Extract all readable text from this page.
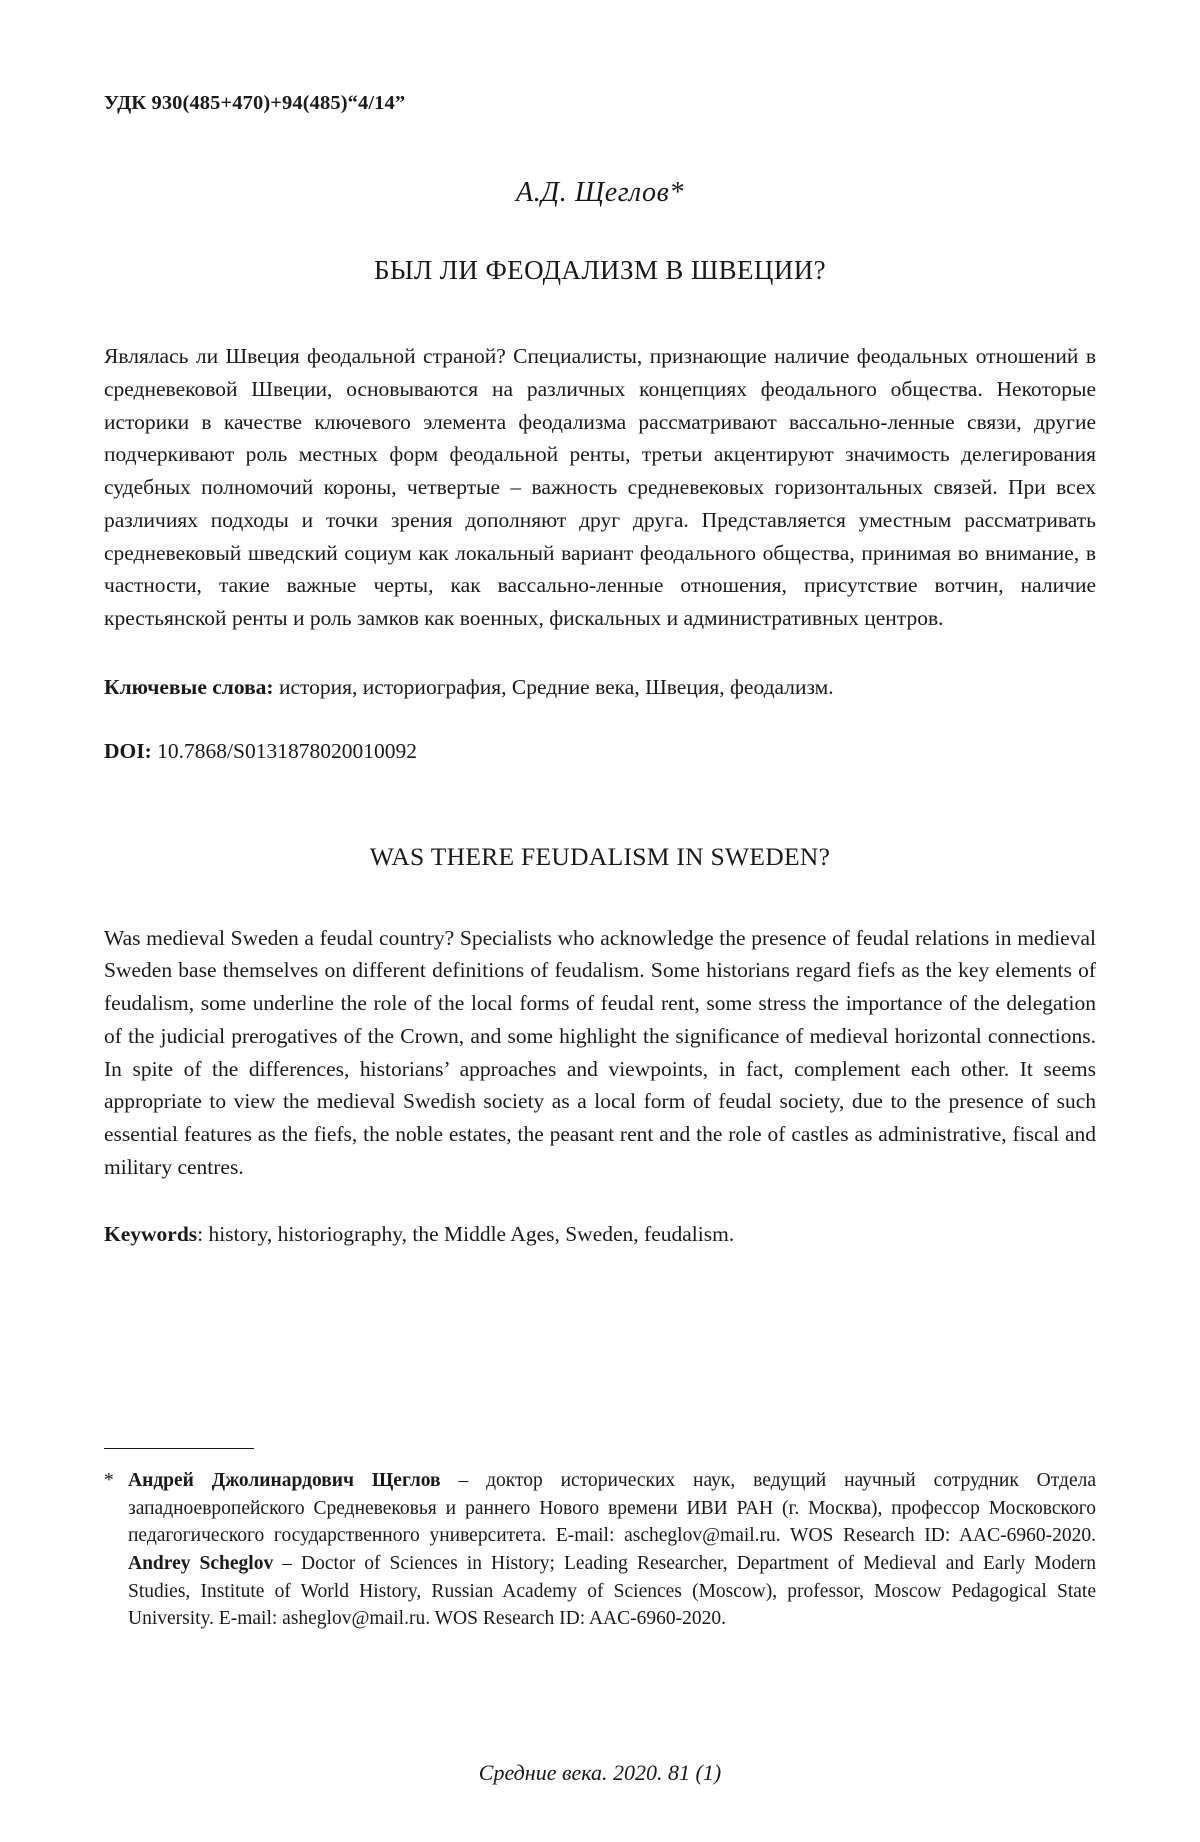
УДК 930(485+470)+94(485)“4/14”
А.Д. Щеглов*
БЫЛ ЛИ ФЕОДАЛИЗМ В ШВЕЦИИ?
Являлась ли Швеция феодальной страной? Специалисты, признающие наличие феодальных отношений в средневековой Швеции, основываются на различных концепциях феодального общества. Некоторые историки в качестве ключевого элемента феодализма рассматривают вассально-ленные связи, другие подчеркивают роль местных форм феодальной ренты, третьи акцентируют значимость делегирования судебных полномочий короны, четвертые – важность средневековых горизонтальных связей. При всех различиях подходы и точки зрения дополняют друг друга. Представляется уместным рассматривать средневековый шведский социум как локальный вариант феодального общества, принимая во внимание, в частности, такие важные черты, как вассально-ленные отношения, присутствие вотчин, наличие крестьянской ренты и роль замков как военных, фискальных и административных центров.
Ключевые слова: история, историография, Средние века, Швеция, феодализм.
DOI: 10.7868/S0131878020010092
WAS THERE FEUDALISM IN SWEDEN?
Was medieval Sweden a feudal country? Specialists who acknowledge the presence of feudal relations in medieval Sweden base themselves on different definitions of feudalism. Some historians regard fiefs as the key elements of feudalism, some underline the role of the local forms of feudal rent, some stress the importance of the delegation of the judicial prerogatives of the Crown, and some highlight the significance of medieval horizontal connections. In spite of the differences, historians’ approaches and viewpoints, in fact, complement each other. It seems appropriate to view the medieval Swedish society as a local form of feudal society, due to the presence of such essential features as the fiefs, the noble estates, the peasant rent and the role of castles as administrative, fiscal and military centres.
Keywords: history, historiography, the Middle Ages, Sweden, feudalism.
* Андрей Джолинардович Щеглов – доктор исторических наук, ведущий научный сотрудник Отдела западноевропейского Средневековья и раннего Нового времени ИВИ РАН (г. Москва), профессор Московского педагогического государственного университета. E-mail: ascheglov@mail.ru. WOS Research ID: AAC-6960-2020. Andrey Scheglov – Doctor of Sciences in History; Leading Researcher, Department of Medieval and Early Modern Studies, Institute of World History, Russian Academy of Sciences (Moscow), professor, Moscow Pedagogical State University. E-mail: asheglov@mail.ru. WOS Research ID: AAC-6960-2020.
Средние века. 2020. 81 (1)
